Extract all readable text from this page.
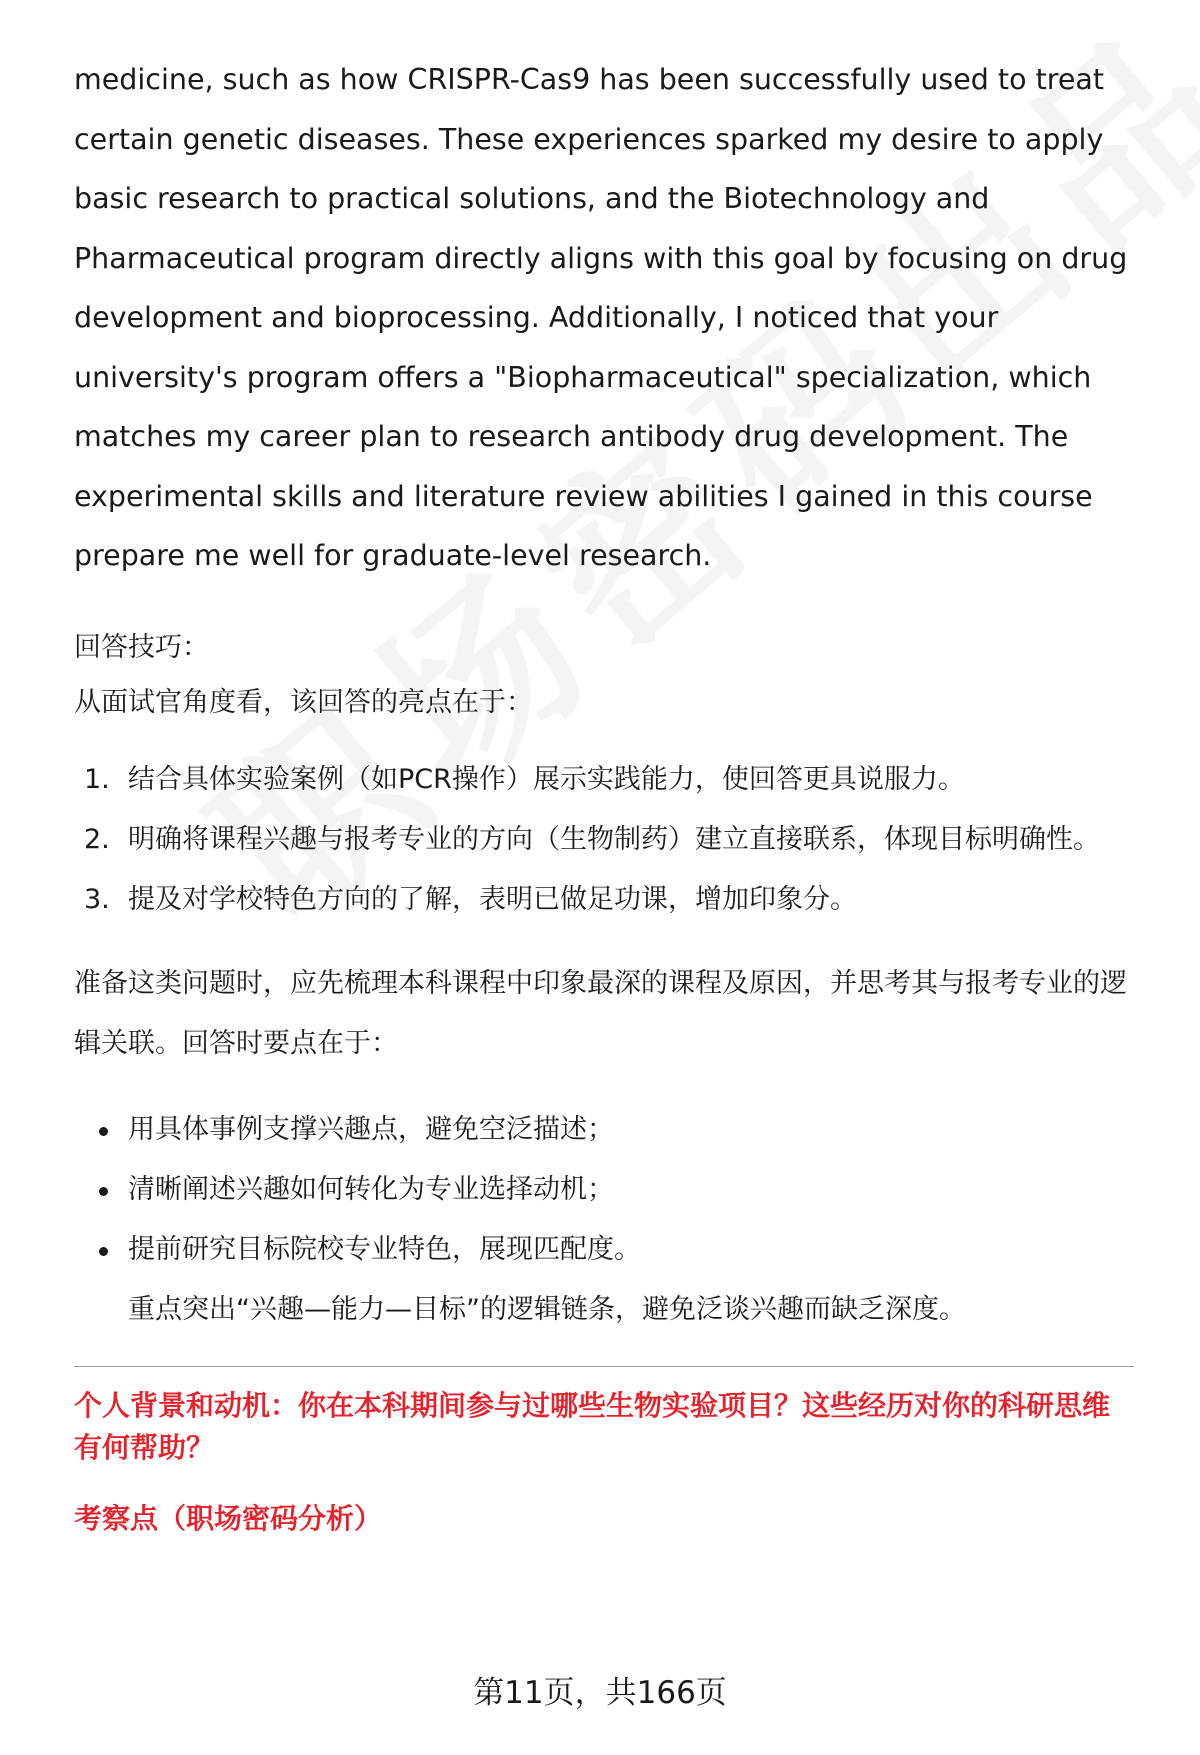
medicine, such as how CRISPR-Cas9 has been successfully used to treat certain genetic diseases. These experiences sparked my desire to apply basic research to practical solutions, and the Biotechnology and Pharmaceutical program directly aligns with this goal by focusing on drug development and bioprocessing. Additionally, I noticed that your university's program offers a "Biopharmaceutical" specialization, which matches my career plan to research antibody drug development. The experimental skills and literature review abilities I gained in this course prepare me well for graduate-level research.

回答技巧：

从面试官角度看，该回答的亮点在于：

1. 结合具体实验案例（如PCR操作）展示实践能力，使回答更具说服力。
2. 明确将课程兴趣与报考专业的方向（生物制药）建立直接联系，体现目标明确性。
3. 提及对学校特色方向的了解，表明已做足功课，增加印象分。

准备这类问题时，应先梳理本科课程中印象最深的课程及原因，并思考其与报考专业的逻辑关联。回答时要点在于：

用具体事例支撑兴趣点，避免空泛描述；
清晰阐述兴趣如何转化为专业选择动机；
提前研究目标院校专业特色，展现匹配度。

重点突出“兴趣—能力—目标”的逻辑链条，避免泛谈兴趣而缺乏深度。

个人背景和动机：你在本科期间参与过哪些生物实验项目？这些经历对你的科研思维有何帮助？

考察点（职场密码分析）

第11页，共166页
